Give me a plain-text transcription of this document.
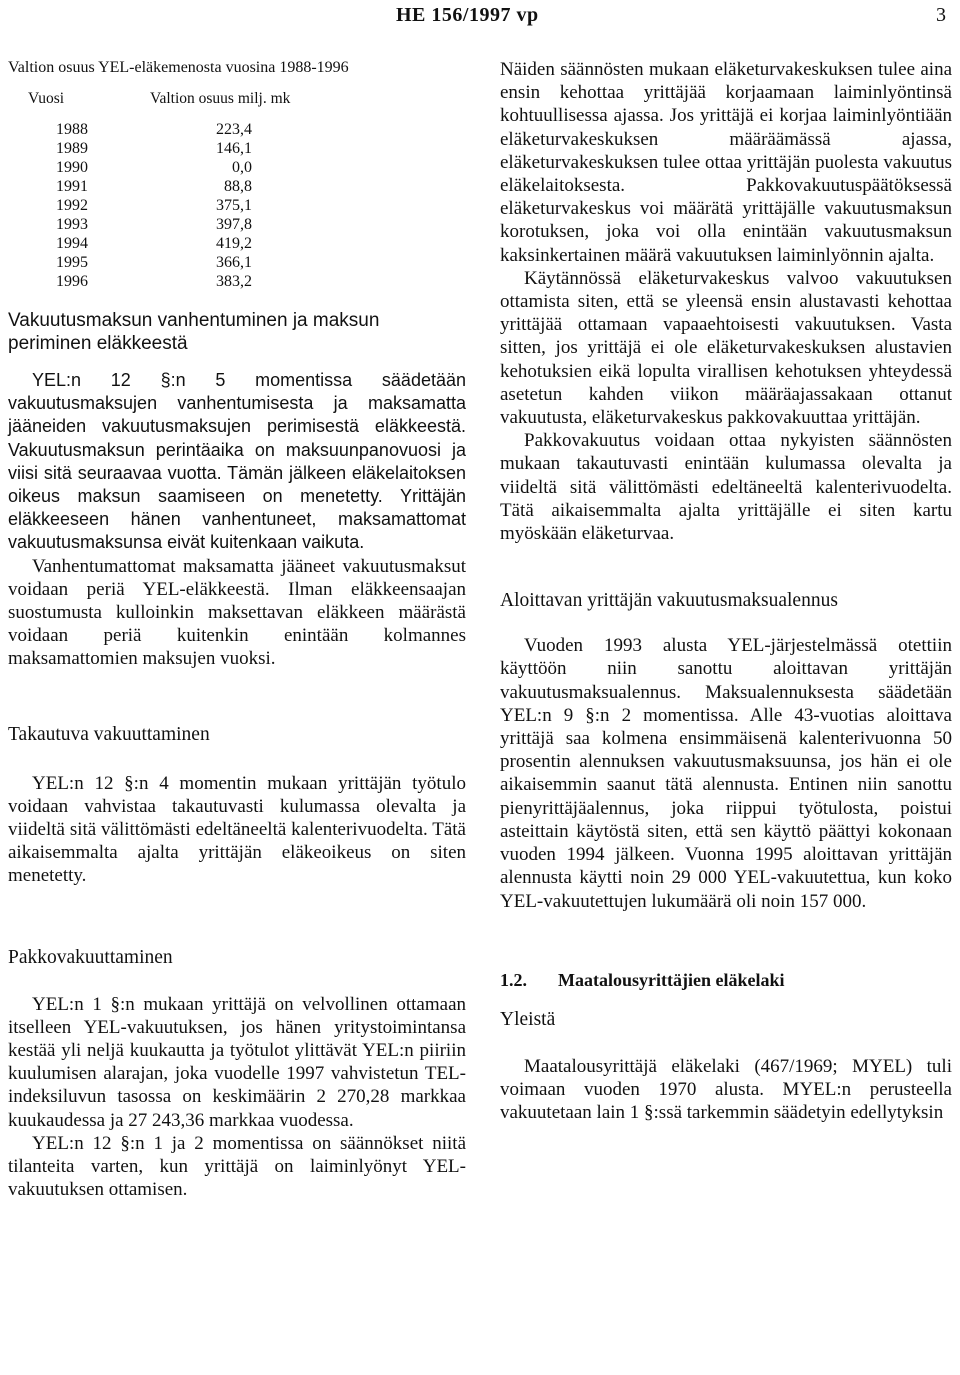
HE 156/1997 vp	3
Valtion osuus YEL-eläkemenosta vuosina 1988-1996
Vuosi	Valtion osuus milj. mk
1988	223,4
1989	146,1
1990	0,0
1991	88,8
1992	375,1
1993	397,8
1994	419,2
1995	366,1
1996	383,2
Vakuutusmaksun vanhentuminen ja maksun periminen eläkkeestä

YEL:n 12 §:n 5 momentissa säädetään vakuutusmaksujen vanhentumisesta ja maksamatta jääneiden vakuutusmaksujen perimisestä eläkkeestä. Vakuutusmaksun perintäaika on maksuunpanovuosi ja viisi sitä seuraavaa vuotta. Tämän jälkeen eläkelaitoksen oikeus maksun saamiseen on menetetty. Yrittäjän eläkkeeseen hänen vanhentuneet, maksamattomat vakuutusmaksunsa eivät kuitenkaan vaikuta.

Vanhentumattomat maksamatta jääneet vakuutusmaksut voidaan periä YEL-eläkkeestä. Ilman eläkkeensaajan suostumusta kulloinkin maksettavan eläkkeen määrästä voidaan periä kuitenkin enintään kolmannes maksamattomien maksujen vuoksi.

Takautuva vakuuttaminen

YEL:n 12 §:n 4 momentin mukaan yrittäjän työtulo voidaan vahvistaa takautuvasti kulumassa olevalta ja viideltä sitä välittömästi edeltäneeltä kalenterivuodelta. Tätä aikaisemmalta ajalta yrittäjän eläkeoikeus on siten menetetty.

Pakkovakuuttaminen

YEL:n 1 §:n mukaan yrittäjä on velvollinen ottamaan itselleen YEL-vakuutuksen, jos hänen yritystoimintansa kestää yli neljä kuukautta ja työtulot ylittävät YEL:n piiriin kuulumisen alarajan, joka vuodelle 1997 vahvistetun TEL-indeksiluvun tasossa on keskimäärin 2 270,28 markkaa kuukaudessa ja 27 243,36 markkaa vuodessa.

YEL:n 12 §:n 1 ja 2 momentissa on säännökset niitä tilanteita varten, kun yrittäjä on laiminlyönyt YEL-vakuutuksen ottamisen.

Näiden säännösten mukaan eläketurvakeskuksen tulee aina ensin kehottaa yrittäjää korjaamaan laiminlyöntinsä kohtuullisessa ajassa. Jos yrittäjä ei korjaa laiminlyöntiään eläketurvakeskuksen määräämässä ajassa, eläketurvakeskuksen tulee ottaa yrittäjän puolesta vakuutus eläkelaitoksesta. Pakkovakuutuspäätöksessä eläketurvakeskus voi määrätä yrittäjälle vakuutusmaksun korotuksen, joka voi olla enintään vakuutusmaksun kaksinkertainen määrä vakuutuksen laiminlyönnin ajalta.

Käytännössä eläketurvakeskus valvoo vakuutuksen ottamista siten, että se yleensä ensin alustavasti kehottaa yrittäjää ottamaan vapaaehtoisesti vakuutuksen. Vasta sitten, jos yrittäjä ei ole eläketurvakeskuksen alustavien kehotuksien eikä lopulta virallisen kehotuksen yhteydessä asetetun kahden viikon määräajassakaan ottanut vakuutusta, eläketurvakeskus pakkovakuuttaa yrittäjän.

Pakkovakuutus voidaan ottaa nykyisten säännösten mukaan takautuvasti enintään kulumassa olevalta ja viideltä sitä välittömästi edeltäneeltä kalenterivuodelta. Tätä aikaisemmalta ajalta yrittäjälle ei siten kartu myöskään eläketurvaa.

Aloittavan yrittäjän vakuutusmaksualennus

Vuoden 1993 alusta YEL-järjestelmässä otettiin käyttöön niin sanottu aloittavan yrittäjän vakuutusmaksualennus. Maksualennuksesta säädetään YEL:n 9 §:n 2 momentissa. Alle 43-vuotias aloittava yrittäjä saa kolmena ensimmäisenä kalenterivuonna 50 prosentin alennuksen vakuutusmaksuunsa, jos hän ei ole aikaisemmin saanut tätä alennusta. Entinen niin sanottu pienyrittäjäalennus, joka riippui työtulosta, poistui asteittain käytöstä siten, että sen käyttö päättyi kokonaan vuoden 1994 jälkeen. Vuonna 1995 aloittavan yrittäjän alennusta käytti noin 29 000 YEL-vakuutettua, kun koko YEL-vakuutettujen lukumäärä oli noin 157 000.

1.2. Maatalousyrittäjien eläkelaki
Yleistä

Maatalousyrittäjä eläkelaki (467/1969; MYEL) tuli voimaan vuoden 1970 alusta. MYEL:n perusteella vakuutetaan lain 1 §:ssä tarkemmin säädetyin edellytyksin
